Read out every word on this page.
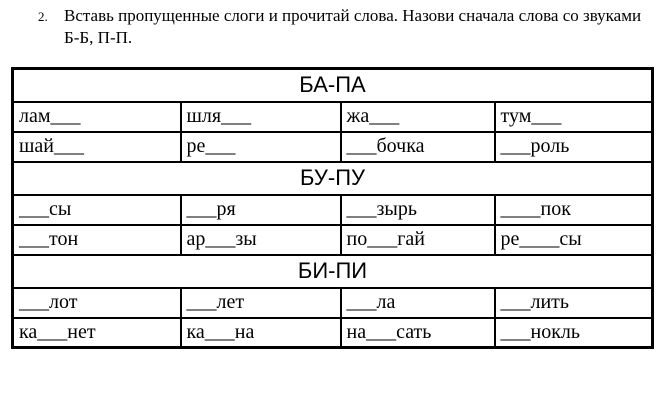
2. Вставь пропущенные слоги и прочитай слова. Назови сначала слова со звуками Б-Б, П-П.
БА-ПА			
лам___	шля___	жа___	тум___
шай___	ре___	___бочка	___роль
БУ-ПУ			
___сы	___ря	___зырь	____пок
___тон	ар___зы	по___гай	ре____сы
БИ-ПИ			
___лот	___лет	___ла	___лить
ка___нет	ка___на	на___сать	___нокль
